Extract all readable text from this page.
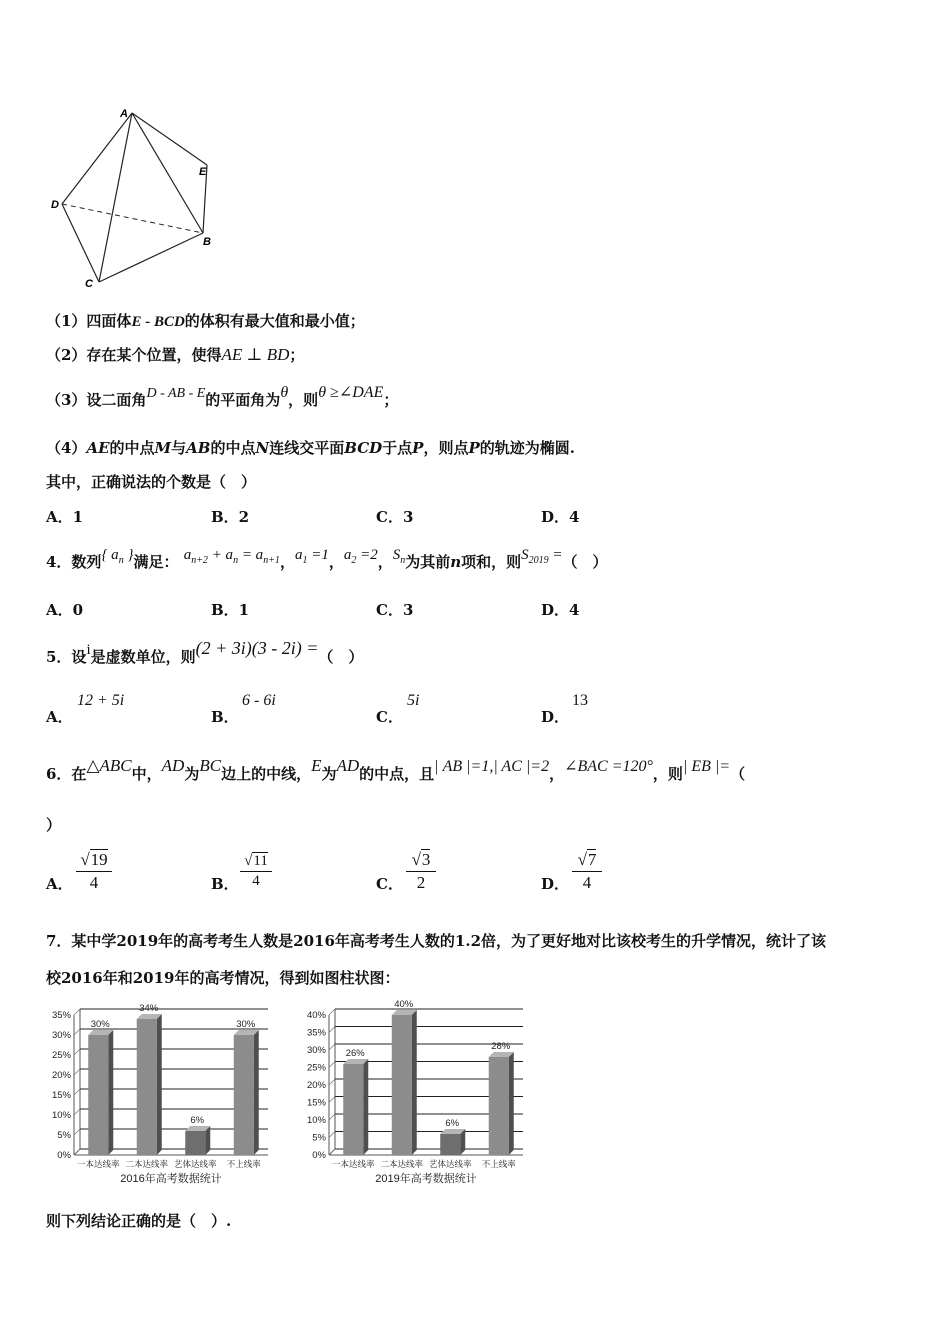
A
E
D
B
C
（1）四面体E - BCD的体积有最大值和最小值；
（2）存在某个位置，使得AE ⊥ BD；
（3）设二面角D - AB - E的平面角为θ，则θ ≥∠DAE；
（4）AE的中点M与AB的中点N连线交平面BCD于点P，则点P的轨迹为椭圆.
其中，正确说法的个数是（　）
A．1	B．2	C．3	D．4
4．数列{ $a_n$ }满足： $a_{n+2} + a_n = a_{n+1}$，$a_1 =1$，$a_2 =2$，$S_n$为其前n项和，则$S_{2019}$ =（　）
A．0	B．1	C．3	D．4
5．设i是虚数单位，则(2 + 3i)(3 - 2i) =（　）
A．
12 + 5i
B．
6 - 6i
C．
5i
D．
13
6．在△ABC中，AD为BC边上的中线，E为AD的中点，且| AB |=1,| AC |=2，∠BAC =120°，则| EB |=（
）
A． $\frac{√19}{4}$	B． $\frac{√11}{4}$	C． $\frac{√3}{2}$	D． $\frac{√7}{4}$
7．某中学2019年的高考考生人数是2016年高考考生人数的1.2倍，为了更好地对比该校考生的升学情况，统计了该
校2016年和2019年的高考情况，得到如图柱状图：
0%
5%
10%
15%
20%
25%
30%
35%
30%
一本达线率
34%
二本达线率
6%
艺体达线率
30%
不上线率
2016年高考数据统计
0%
5%
10%
15%
20%
25%
30%
35%
40%
26%
一本达线率
40%
二本达线率
6%
艺体达线率
28%
不上线率
2019年高考数据统计
则下列结论正确的是（　）.
